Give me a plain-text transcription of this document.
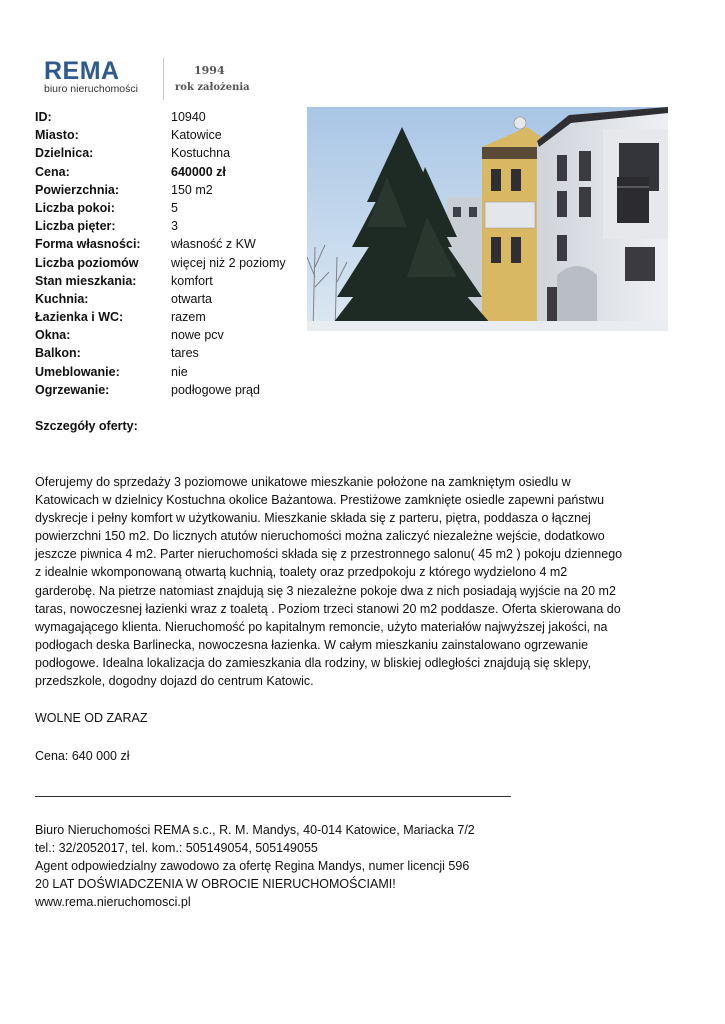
REMA
biuro nieruchomości
1994
rok założenia
ID:	10940
Miasto:	Katowice
Dzielnica:	Kostuchna
Cena:	640000 zł
Powierzchnia:	150 m2
Liczba pokoi:	5
Liczba pięter:	3
Forma własności: własność z KW
Liczba poziomów	więcej niż 2 poziomy
Stan mieszkania:	komfort
Kuchnia:	otwarta
Łazienka i WC:	razem
Okna:	nowe pcv
Balkon:	tares
Umeblowanie:	nie
Ogrzewanie:	podłogowe prąd
Szczegóły oferty:
Oferujemy do sprzedaży 3 poziomowe unikatowe mieszkanie położone na zamkniętym osiedlu w
Katowicach w dzielnicy Kostuchna okolice Bażantowa. Prestiżowe zamknięte osiedle zapewni państwu
dyskrecje i pełny komfort w użytkowaniu. Mieszkanie składa się z parteru, piętra, poddasza o łącznej
powierzchni 150 m2. Do licznych atutów nieruchomości można zaliczyć niezależne wejście, dodatkowo
jeszcze piwnica 4 m2. Parter nieruchomości składa się z przestronnego salonu( 45 m2 ) pokoju dziennego
z idealnie wkomponowaną otwartą kuchnią, toalety oraz przedpokoju z którego wydzielono 4 m2
garderobę. Na pietrze natomiast znajdują się 3 niezależne pokoje dwa z nich posiadają wyjście na 20 m2
taras, nowoczesnej łazienki wraz z toaletą . Poziom trzeci stanowi 20 m2 poddasze. Oferta skierowana do
wymagającego klienta. Nieruchomość po kapitalnym remoncie, użyto materiałów najwyższej jakości, na
podłogach deska Barlinecka, nowoczesna łazienka. W całym mieszkaniu zainstalowano ogrzewanie
podłogowe. Idealna lokalizacja do zamieszkania dla rodziny, w bliskiej odległości znajdują się sklepy,
przedszkole, dogodny dojazd do centrum Katowic.
WOLNE OD ZARAZ
Cena: 640 000 zł
Biuro Nieruchomości REMA s.c., R. M. Mandys, 40-014 Katowice, Mariacka 7/2
tel.: 32/2052017, tel. kom.: 505149054, 505149055
Agent odpowiedzialny zawodowo za ofertę Regina Mandys, numer licencji 596
20 LAT DOŚWIADCZENIA W OBROCIE NIERUCHOMOŚCIAMI!
www.rema.nieruchomosci.pl
